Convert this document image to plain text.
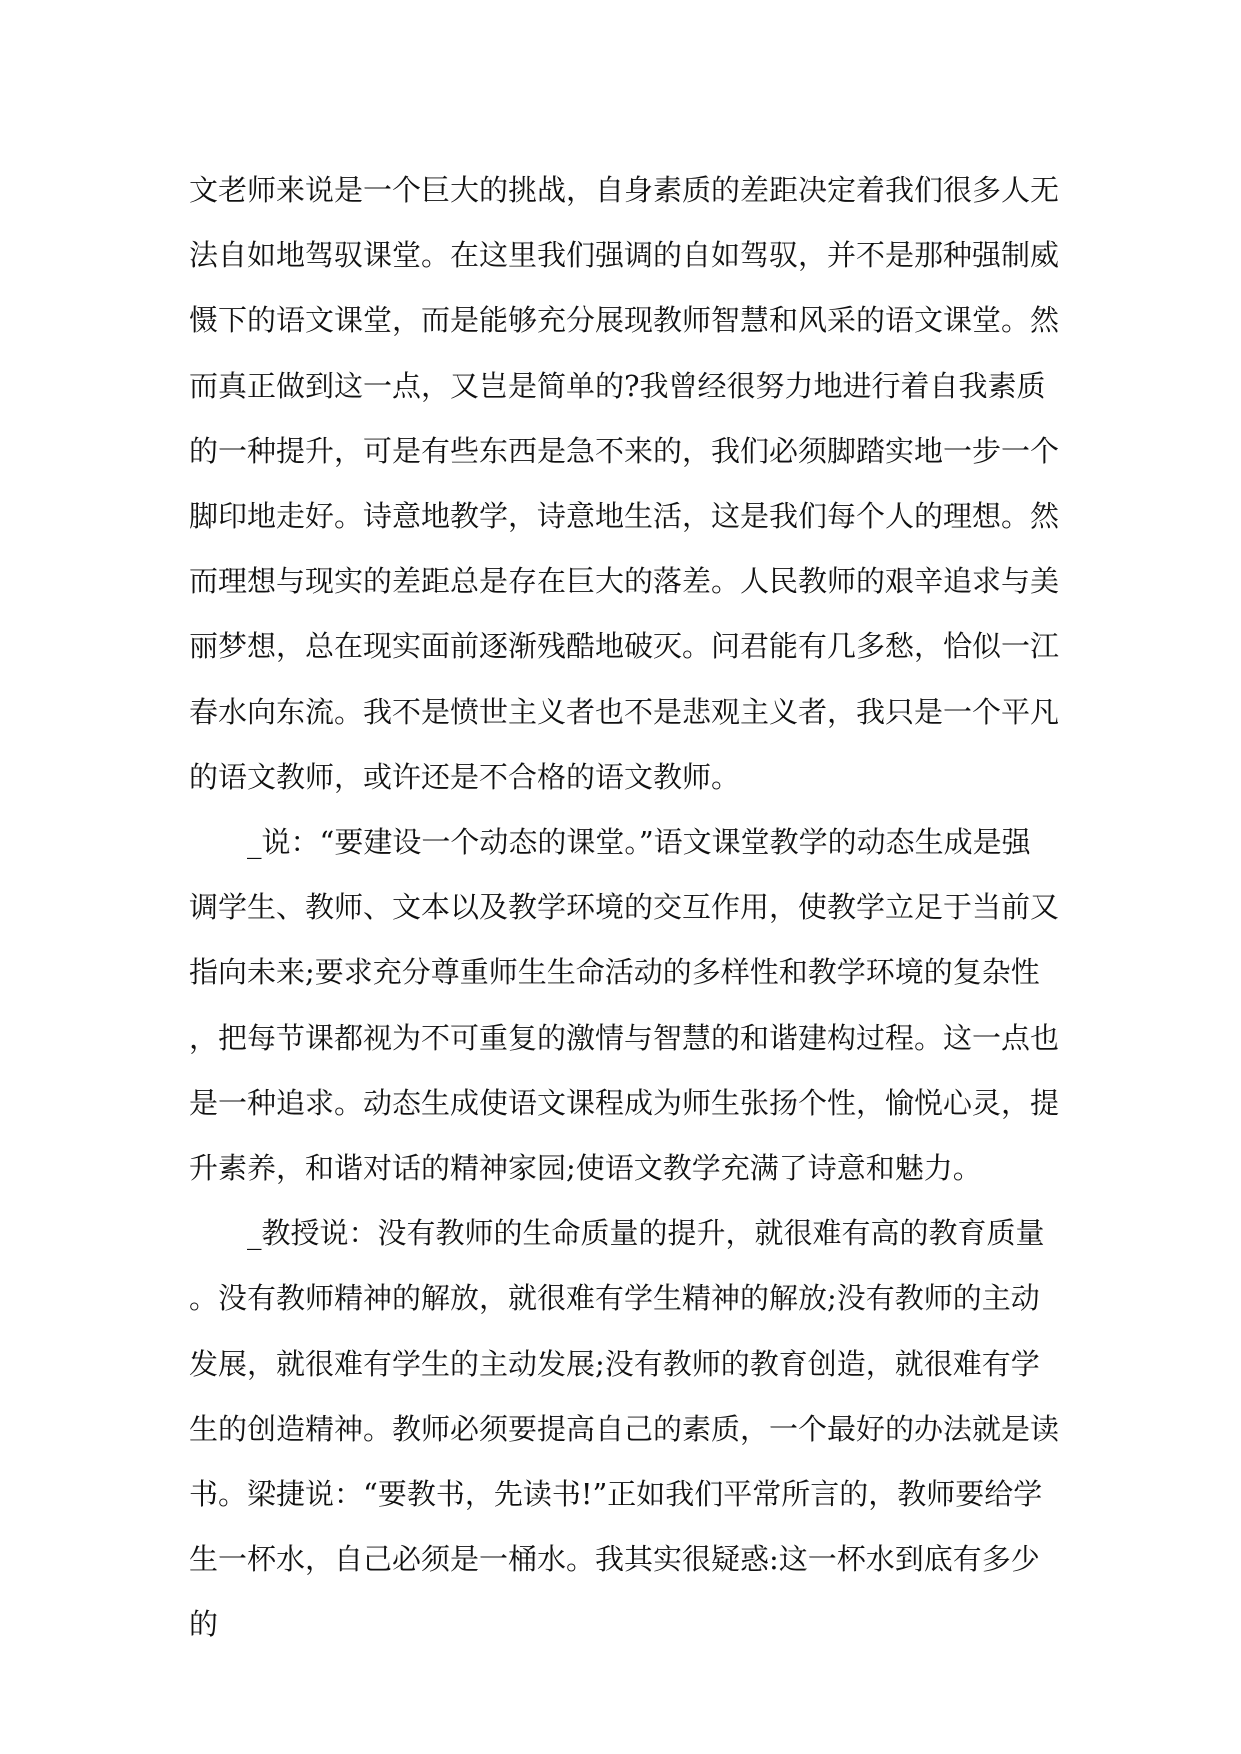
文老师来说是一个巨大的挑战，自身素质的差距决定着我们很多人无法自如地驾驭课堂。在这里我们强调的自如驾驭，并不是那种强制威慑下的语文课堂，而是能够充分展现教师智慧和风采的语文课堂。然而真正做到这一点，又岂是简单的?我曾经很努力地进行着自我素质的一种提升，可是有些东西是急不来的，我们必须脚踏实地一步一个脚印地走好。诗意地教学，诗意地生活，这是我们每个人的理想。然而理想与现实的差距总是存在巨大的落差。人民教师的艰辛追求与美丽梦想，总在现实面前逐渐残酷地破灭。问君能有几多愁，恰似一江春水向东流。我不是愤世主义者也不是悲观主义者，我只是一个平凡的语文教师，或许还是不合格的语文教师。

_说：“要建设一个动态的课堂。”语文课堂教学的动态生成是强调学生、教师、文本以及教学环境的交互作用，使教学立足于当前又指向未来;要求充分尊重师生生命活动的多样性和教学环境的复杂性，把每节课都视为不可重复的激情与智慧的和谐建构过程。这一点也是一种追求。动态生成使语文课程成为师生张扬个性，愉悦心灵，提升素养，和谐对话的精神家园;使语文教学充满了诗意和魅力。

_教授说：没有教师的生命质量的提升，就很难有高的教育质量。没有教师精神的解放，就很难有学生精神的解放;没有教师的主动发展，就很难有学生的主动发展;没有教师的教育创造，就很难有学生的创造精神。教师必须要提高自己的素质，一个最好的办法就是读书。梁捷说：“要教书，先读书!”正如我们平常所言的，教师要给学生一杯水，自己必须是一桶水。我其实很疑惑:这一杯水到底有多少的
